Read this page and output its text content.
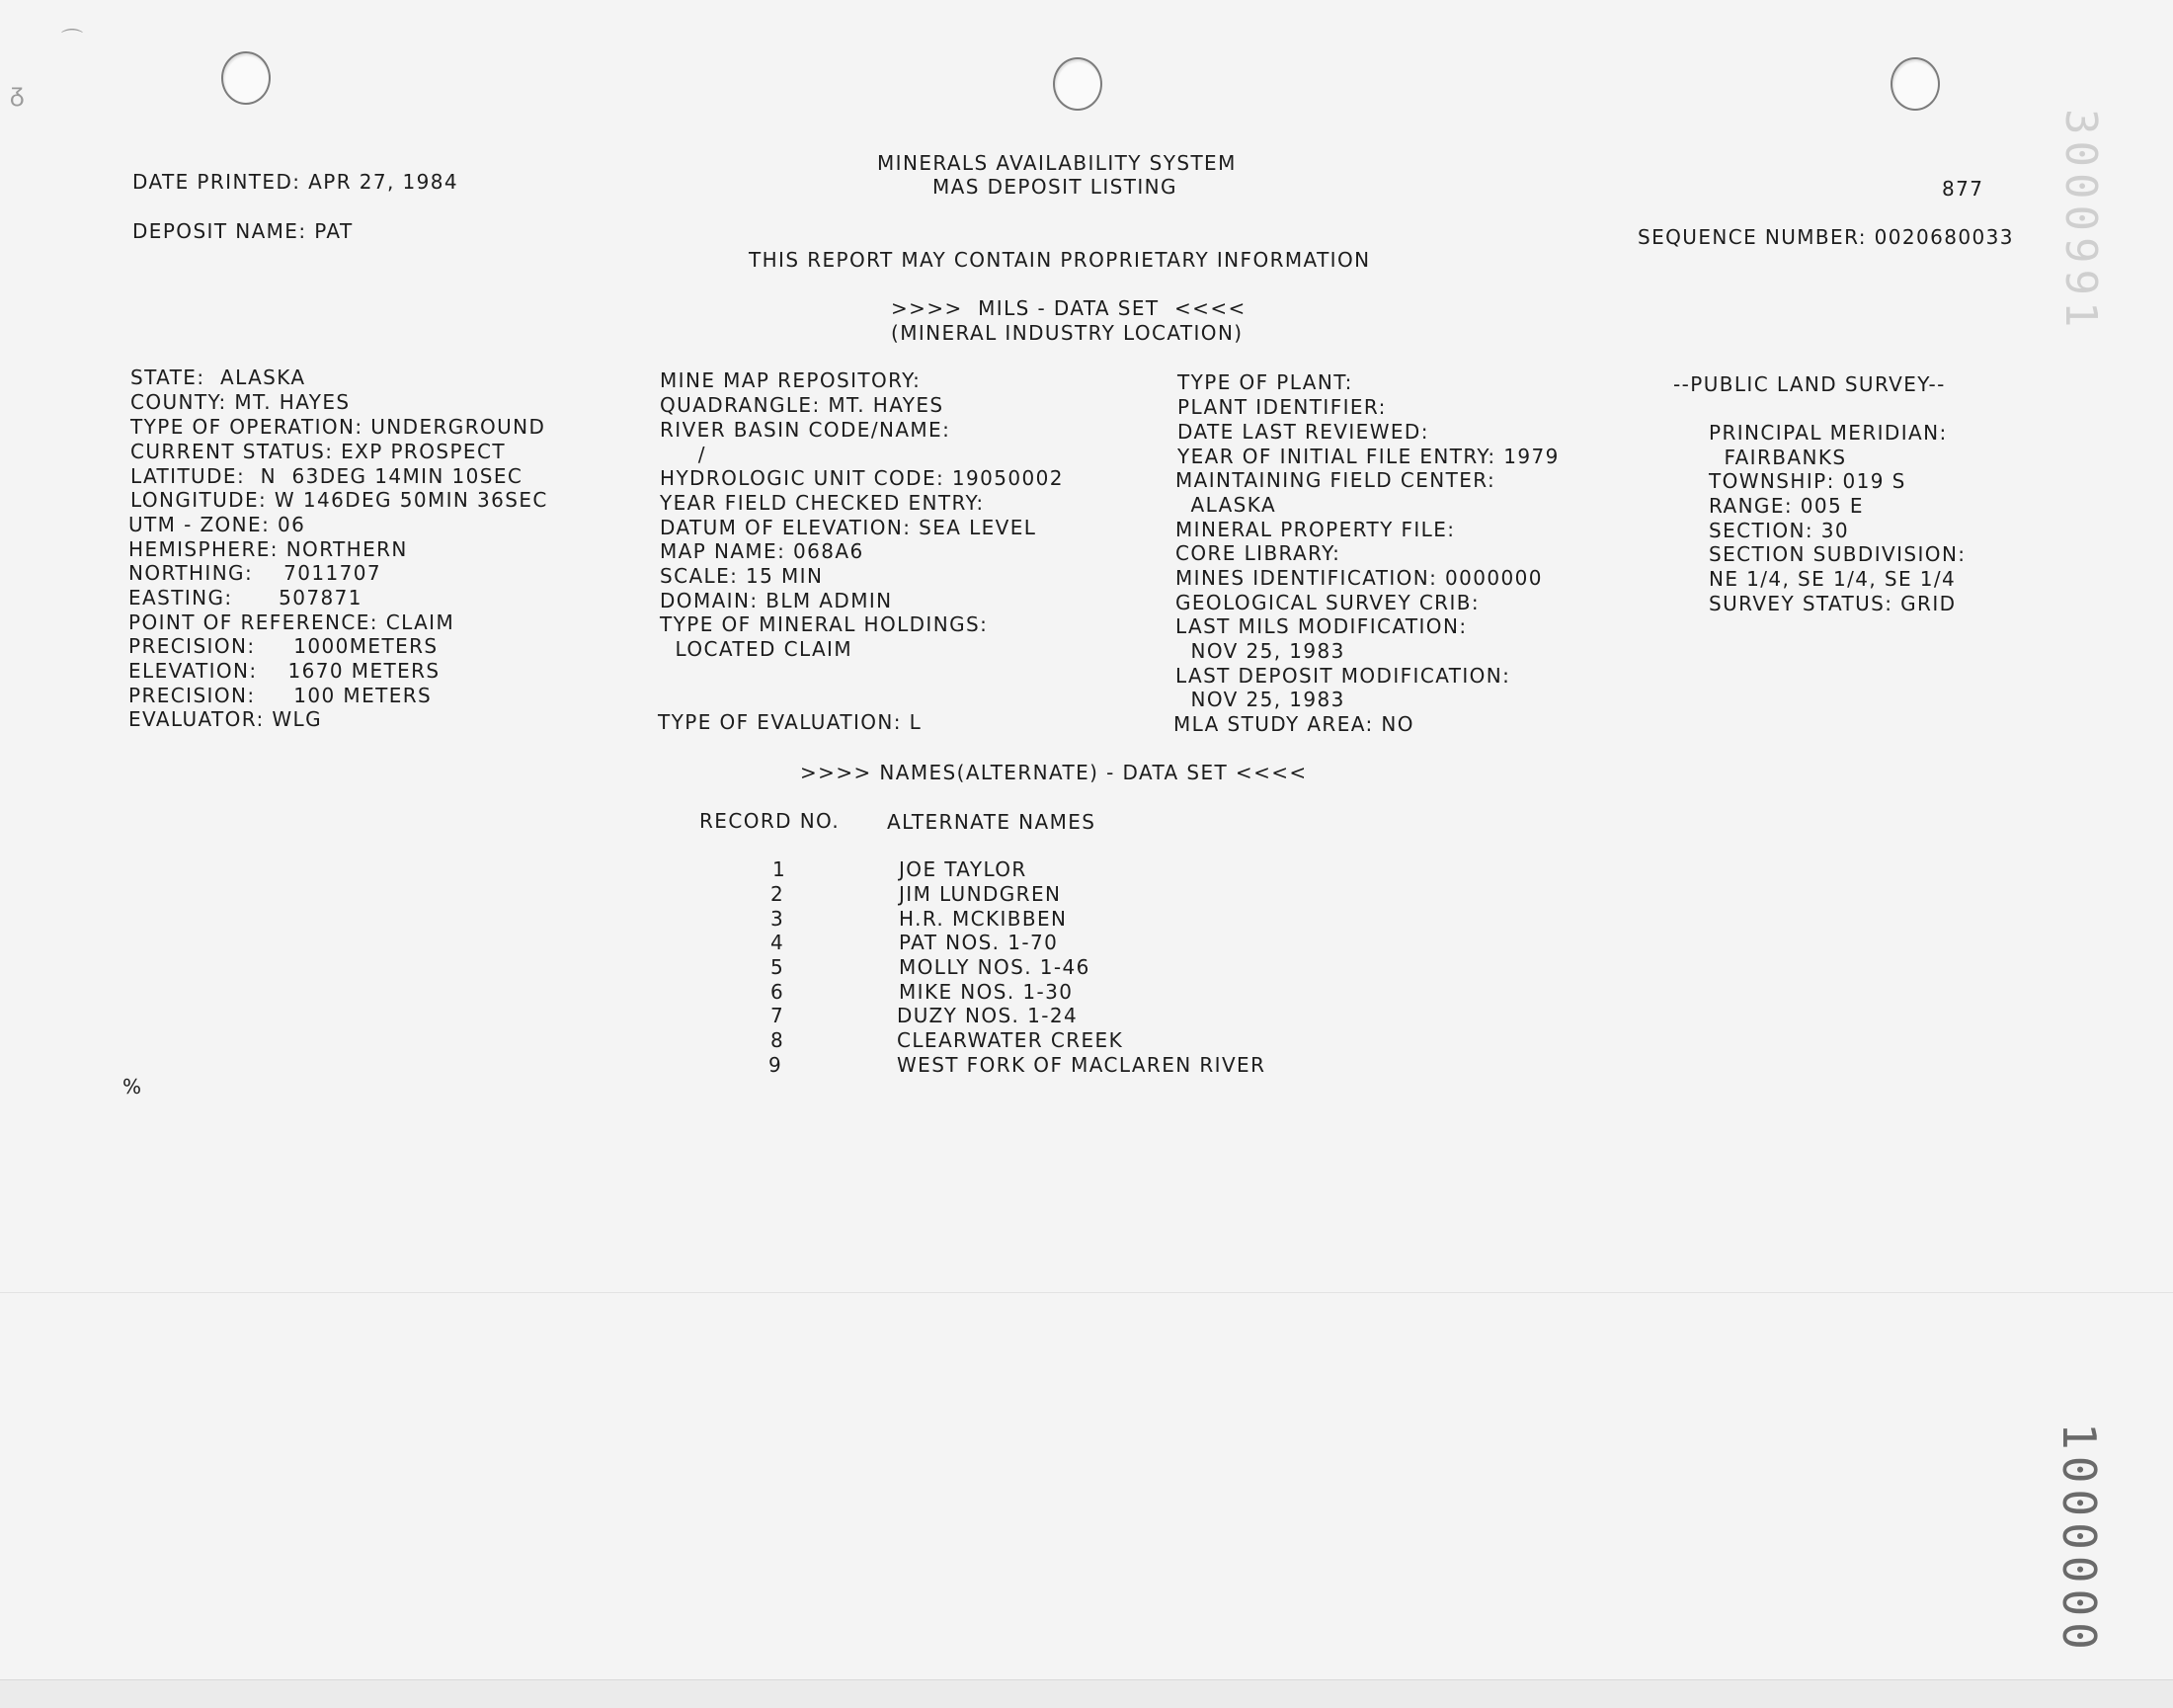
ᵹ
⌒
MINERALS AVAILABILITY SYSTEM
MAS DEPOSIT LISTING
DATE PRINTED: APR 27, 1984	877
DEPOSIT NAME: PAT	SEQUENCE NUMBER: 0020680033
THIS REPORT MAY CONTAIN PROPRIETARY INFORMATION
>>>>  MILS - DATA SET  <<<<
(MINERAL INDUSTRY LOCATION)
STATE:  ALASKA
COUNTY: MT. HAYES
TYPE OF OPERATION: UNDERGROUND
CURRENT STATUS: EXP PROSPECT
LATITUDE:  N  63DEG 14MIN 10SEC
LONGITUDE: W 146DEG 50MIN 36SEC
UTM - ZONE: 06
HEMISPHERE: NORTHERN
NORTHING:    7011707
EASTING:      507871
POINT OF REFERENCE: CLAIM
PRECISION:     1000METERS
ELEVATION:    1670 METERS
PRECISION:     100 METERS
EVALUATOR: WLG
MINE MAP REPOSITORY:
QUADRANGLE: MT. HAYES
RIVER BASIN CODE/NAME:
/
HYDROLOGIC UNIT CODE: 19050002
YEAR FIELD CHECKED ENTRY:
DATUM OF ELEVATION: SEA LEVEL
MAP NAME: 068A6
SCALE: 15 MIN
DOMAIN: BLM ADMIN
TYPE OF MINERAL HOLDINGS:
LOCATED CLAIM
TYPE OF EVALUATION: L
TYPE OF PLANT:
PLANT IDENTIFIER:
DATE LAST REVIEWED:
YEAR OF INITIAL FILE ENTRY: 1979
MAINTAINING FIELD CENTER:
ALASKA
MINERAL PROPERTY FILE:
CORE LIBRARY:
MINES IDENTIFICATION: 0000000
GEOLOGICAL SURVEY CRIB:
LAST MILS MODIFICATION:
NOV 25, 1983
LAST DEPOSIT MODIFICATION:
NOV 25, 1983
MLA STUDY AREA: NO
--PUBLIC LAND SURVEY--
PRINCIPAL MERIDIAN:
FAIRBANKS
TOWNSHIP: 019 S
RANGE: 005 E
SECTION: 30
SECTION SUBDIVISION:
NE 1/4, SE 1/4, SE 1/4
SURVEY STATUS: GRID
>>>> NAMES(ALTERNATE) - DATA SET <<<<
RECORD NO. ALTERNATE NAMES
1	JOE TAYLOR
2	JIM LUNDGREN
3	H.R. MCKIBBEN
4	PAT NOS. 1-70
5	MOLLY NOS. 1-46
6	MIKE NOS. 1-30
7	DUZY NOS. 1-24
8	CLEARWATER CREEK
9	WEST FORK OF MACLAREN RIVER
%
3000991
1000000
